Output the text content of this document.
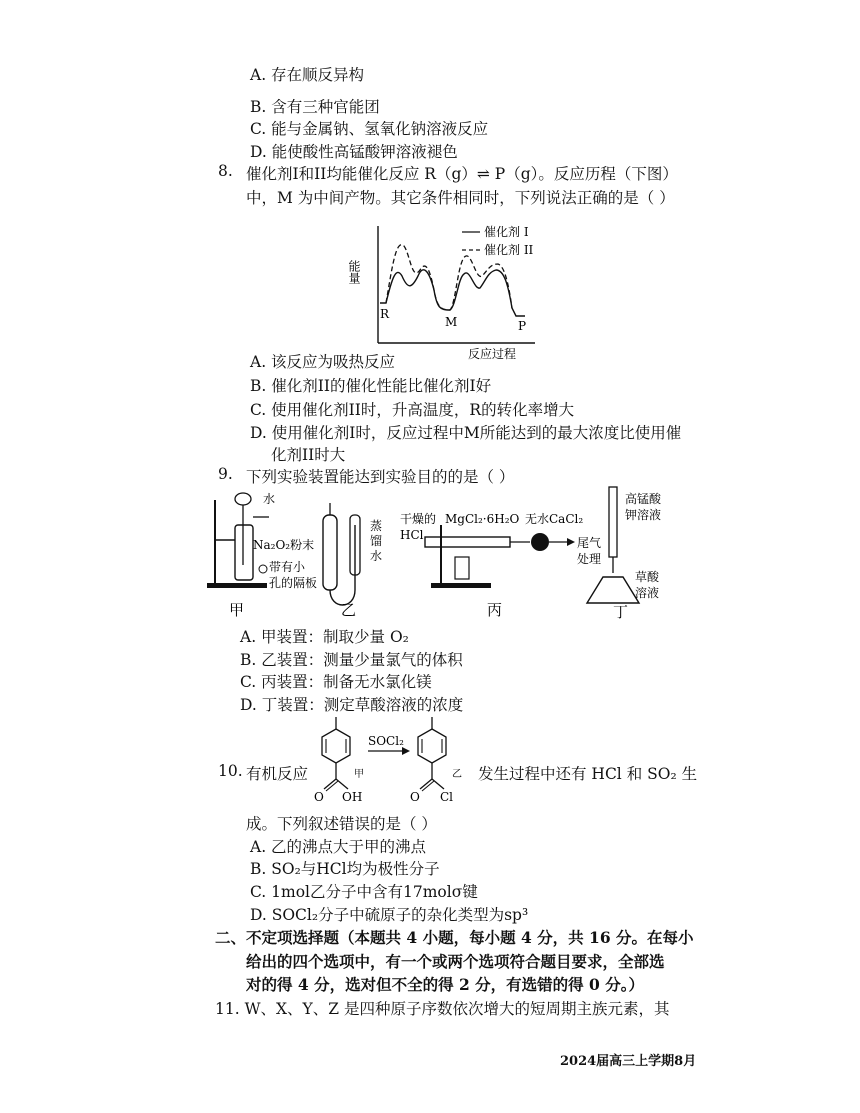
A. 存在顺反异构
B. 含有三种官能团
C. 能与金属钠、氢氧化钠溶液反应
D. 能使酸性高锰酸钾溶液褪色
8. 催化剂I和II均能催化反应 R（g）⇌ P（g）。反应历程（下图）
中，M 为中间产物。其它条件相同时，下列说法正确的是（ ）
能量
反应过程
催化剂 I
催化剂 II
R
M	P
A. 该反应为吸热反应
B. 催化剂II的催化性能比催化剂I好
C. 使用催化剂II时，升高温度，R的转化率增大
D. 使用催化剂I时，反应过程中M所能达到的最大浓度比使用催
化剂II时大
9. 下列实验装置能达到实验目的的是（ ）
水
Na₂O₂粉末
带有小
孔的隔板
甲
蒸
馏
水
乙
干燥的
HCl
MgCl₂·6H₂O 无水CaCl₂
尾气
处理
丙
高锰酸
钾溶液
草酸
溶液
丁
A. 甲装置：制取少量 O₂
B. 乙装置：测量少量氯气的体积
C. 丙装置：制备无水氯化镁
D. 丁装置：测定草酸溶液的浓度
10. 有机反应
O OH
甲
SOCl₂
O Cl
乙 发生过程中还有 HCl 和 SO₂ 生
成。下列叙述错误的是（ ）
A. 乙的沸点大于甲的沸点
B. SO₂与HCl均为极性分子
C. 1mol乙分子中含有17molσ键
D. SOCl₂分子中硫原子的杂化类型为sp³
二、不定项选择题（本题共 4 小题，每小题 4 分，共 16 分。在每小
给出的四个选项中，有一个或两个选项符合题目要求，全部选
对的得 4 分，选对但不全的得 2 分，有选错的得 0 分。）
11. W、X、Y、Z 是四种原子序数依次增大的短周期主族元素，其
2024届高三上学期8月
